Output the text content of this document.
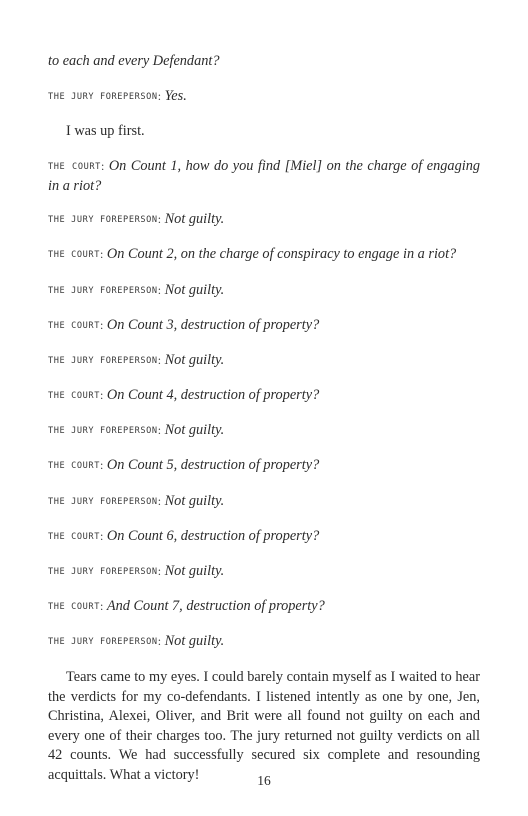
to each and every Defendant?
THE JURY FOREPERSON: Yes.
I was up first.
THE COURT: On Count 1, how do you find [Miel] on the charge of engaging in a riot?
THE JURY FOREPERSON: Not guilty.
THE COURT: On Count 2, on the charge of conspiracy to engage in a riot?
THE JURY FOREPERSON: Not guilty.
THE COURT: On Count 3, destruction of property?
THE JURY FOREPERSON: Not guilty.
THE COURT: On Count 4, destruction of property?
THE JURY FOREPERSON: Not guilty.
THE COURT: On Count 5, destruction of property?
THE JURY FOREPERSON: Not guilty.
THE COURT: On Count 6, destruction of property?
THE JURY FOREPERSON: Not guilty.
THE COURT: And Count 7, destruction of property?
THE JURY FOREPERSON: Not guilty.
Tears came to my eyes. I could barely contain myself as I waited to hear the verdicts for my co-defendants. I listened intently as one by one, Jen, Christina, Alexei, Oliver, and Brit were all found not guilty on each and every one of their charges too. The jury returned not guilty verdicts on all 42 counts. We had successfully secured six complete and resounding acquittals. What a victory!	16
